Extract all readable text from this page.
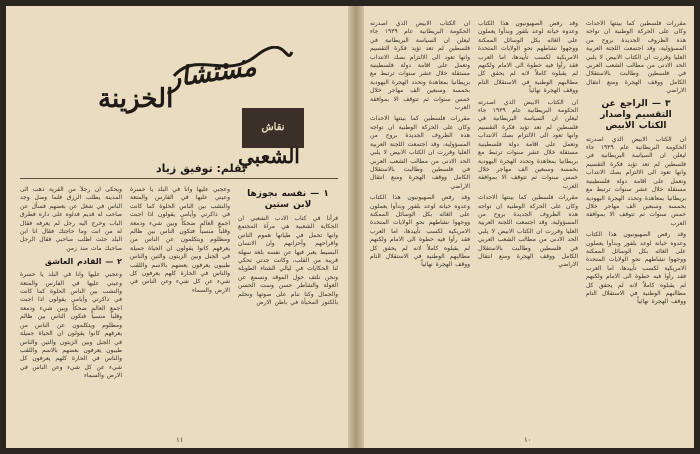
مستشار
الخزينة
نقاش
الشعبي
بقلم: توفيق زياد
١ — نفسه بجوزها لابن ستين

قرأنا في كتاب الادب الشعبي ان الحكاية الشعبية هي مرآة المجتمع وانها تحمل في طياتها هموم الناس وافراحهم وأحزانهم وان الانسان البسيط يعبر فيها عن نفسه بلغة سهلة قريبة من القلب، وكانت جدتي تحكي لنا الحكايات في ليالي الشتاء الطويلة ونحن نلتف حول الموقد ونسمع عن الغولة والشاطر حسن وست الحسن والجمال وكنا ننام على صوتها ونحلم بالكنوز المخبأة في باطن الارض

وعجبي عليها وانا في البلد يا حسرة وعيني عليها في الفارس والمتعة والنشب بين الناس الحلوة كما كانت في ذاكرتي وأيامي يقولون اذا اجبت اجمع العالم ضحكاً وبين شيء ودمعة وقلباً منسياً فتكون الناس بين ظالم ومظلوم ويتكلمون عن الناس من يعرفهم كانوا يقولون ان الحياة جميلة في الجبل وبين الزيتون والتين والناس طيبون يعرفون بعضهم بالاسم واللقب والناس في الحارة كلهم يعرفون كل شيء عن كل شيء وعن الناس في الارض والسماء

ويحكى ان رجلاً من القرية ذهب الى المدينة يطلب الرزق فلما وصل وجد الناس في شغل عن بعضهم فسأل عن صاحب له قديم فدلوه على داره فطرق الباب وخرج اليه رجل لم يعرفه فقال له من انت وما حاجتك فقال انا ابن البلد جئت اطلب صاحبي فقال الرجل صاحبك مات منذ زمن

٢ — القادم العاشق

وعجبي عليها وانا في البلد يا حسرة وعيني عليها في الفارس والمتعة والنشب بين الناس الحلوة كما كانت في ذاكرتي وأيامي يقولون اذا اجبت اجمع العالم ضحكاً وبين شيء ودمعة وقلباً منسياً فتكون الناس بين ظالم ومظلوم ويتكلمون عن الناس من يعرفهم كانوا يقولون ان الحياة جميلة في الجبل وبين الزيتون والتين والناس طيبون يعرفون بعضهم بالاسم واللقب والناس في الحارة كلهم يعرفون كل شيء عن كل شيء وعن الناس في الارض والسماء

١١

مقررات فلسطين كما بينتها الاحداث وكان على الحركة الوطنية ان تواجه هذه الظروف الجديدة بروح من المسؤولية، وقد اجتمعت اللجنة العربية العليا وقررت ان الكتاب الابيض لا يلبي الحد الادنى من مطالب الشعب العربي في فلسطين وطالبت بالاستقلال الكامل ووقف الهجرة ومنع انتقال الاراضي

٣ — الراجع عن التقسيم واصدار الكتاب الابيض

ان الكتاب الابيض الذي اصدرته الحكومة البريطانية عام ١٩٣٩ جاء ليعلن ان السياسة البريطانية في فلسطين لم تعد تؤيد فكرة التقسيم وانها تعود الى الالتزام بصك الانتداب وتعمل على اقامة دولة فلسطينية مستقلة خلال عشر سنوات ترتبط مع بريطانيا بمعاهدة وتحدد الهجرة اليهودية بخمسة وسبعين الف مهاجر خلال خمس سنوات ثم تتوقف الا بموافقة العرب

وقد رفض الصهيونيون هذا الكتاب وعدوه خيانة لوعد بلفور وبدأوا يعملون على الغائه بكل الوسائل الممكنة ووجهوا نشاطهم نحو الولايات المتحدة الامريكية لكسب تأييدها، اما العرب فقد رأوا فيه خطوة الى الامام ولكنهم لم يقبلوه كاملاً لانه لم يحقق كل مطالبهم الوطنية في الاستقلال التام ووقف الهجرة نهائياً

وقد رفض الصهيونيون هذا الكتاب وعدوه خيانة لوعد بلفور وبدأوا يعملون على الغائه بكل الوسائل الممكنة ووجهوا نشاطهم نحو الولايات المتحدة الامريكية لكسب تأييدها، اما العرب فقد رأوا فيه خطوة الى الامام ولكنهم لم يقبلوه كاملاً لانه لم يحقق كل مطالبهم الوطنية في الاستقلال التام ووقف الهجرة نهائياً

ان الكتاب الابيض الذي اصدرته الحكومة البريطانية عام ١٩٣٩ جاء ليعلن ان السياسة البريطانية في فلسطين لم تعد تؤيد فكرة التقسيم وانها تعود الى الالتزام بصك الانتداب وتعمل على اقامة دولة فلسطينية مستقلة خلال عشر سنوات ترتبط مع بريطانيا بمعاهدة وتحدد الهجرة اليهودية بخمسة وسبعين الف مهاجر خلال خمس سنوات ثم تتوقف الا بموافقة العرب

مقررات فلسطين كما بينتها الاحداث وكان على الحركة الوطنية ان تواجه هذه الظروف الجديدة بروح من المسؤولية، وقد اجتمعت اللجنة العربية العليا وقررت ان الكتاب الابيض لا يلبي الحد الادنى من مطالب الشعب العربي في فلسطين وطالبت بالاستقلال الكامل ووقف الهجرة ومنع انتقال الاراضي

ان الكتاب الابيض الذي اصدرته الحكومة البريطانية عام ١٩٣٩ جاء ليعلن ان السياسة البريطانية في فلسطين لم تعد تؤيد فكرة التقسيم وانها تعود الى الالتزام بصك الانتداب وتعمل على اقامة دولة فلسطينية مستقلة خلال عشر سنوات ترتبط مع بريطانيا بمعاهدة وتحدد الهجرة اليهودية بخمسة وسبعين الف مهاجر خلال خمس سنوات ثم تتوقف الا بموافقة العرب

مقررات فلسطين كما بينتها الاحداث وكان على الحركة الوطنية ان تواجه هذه الظروف الجديدة بروح من المسؤولية، وقد اجتمعت اللجنة العربية العليا وقررت ان الكتاب الابيض لا يلبي الحد الادنى من مطالب الشعب العربي في فلسطين وطالبت بالاستقلال الكامل ووقف الهجرة ومنع انتقال الاراضي

وقد رفض الصهيونيون هذا الكتاب وعدوه خيانة لوعد بلفور وبدأوا يعملون على الغائه بكل الوسائل الممكنة ووجهوا نشاطهم نحو الولايات المتحدة الامريكية لكسب تأييدها، اما العرب فقد رأوا فيه خطوة الى الامام ولكنهم لم يقبلوه كاملاً لانه لم يحقق كل مطالبهم الوطنية في الاستقلال التام ووقف الهجرة نهائياً

١٠
